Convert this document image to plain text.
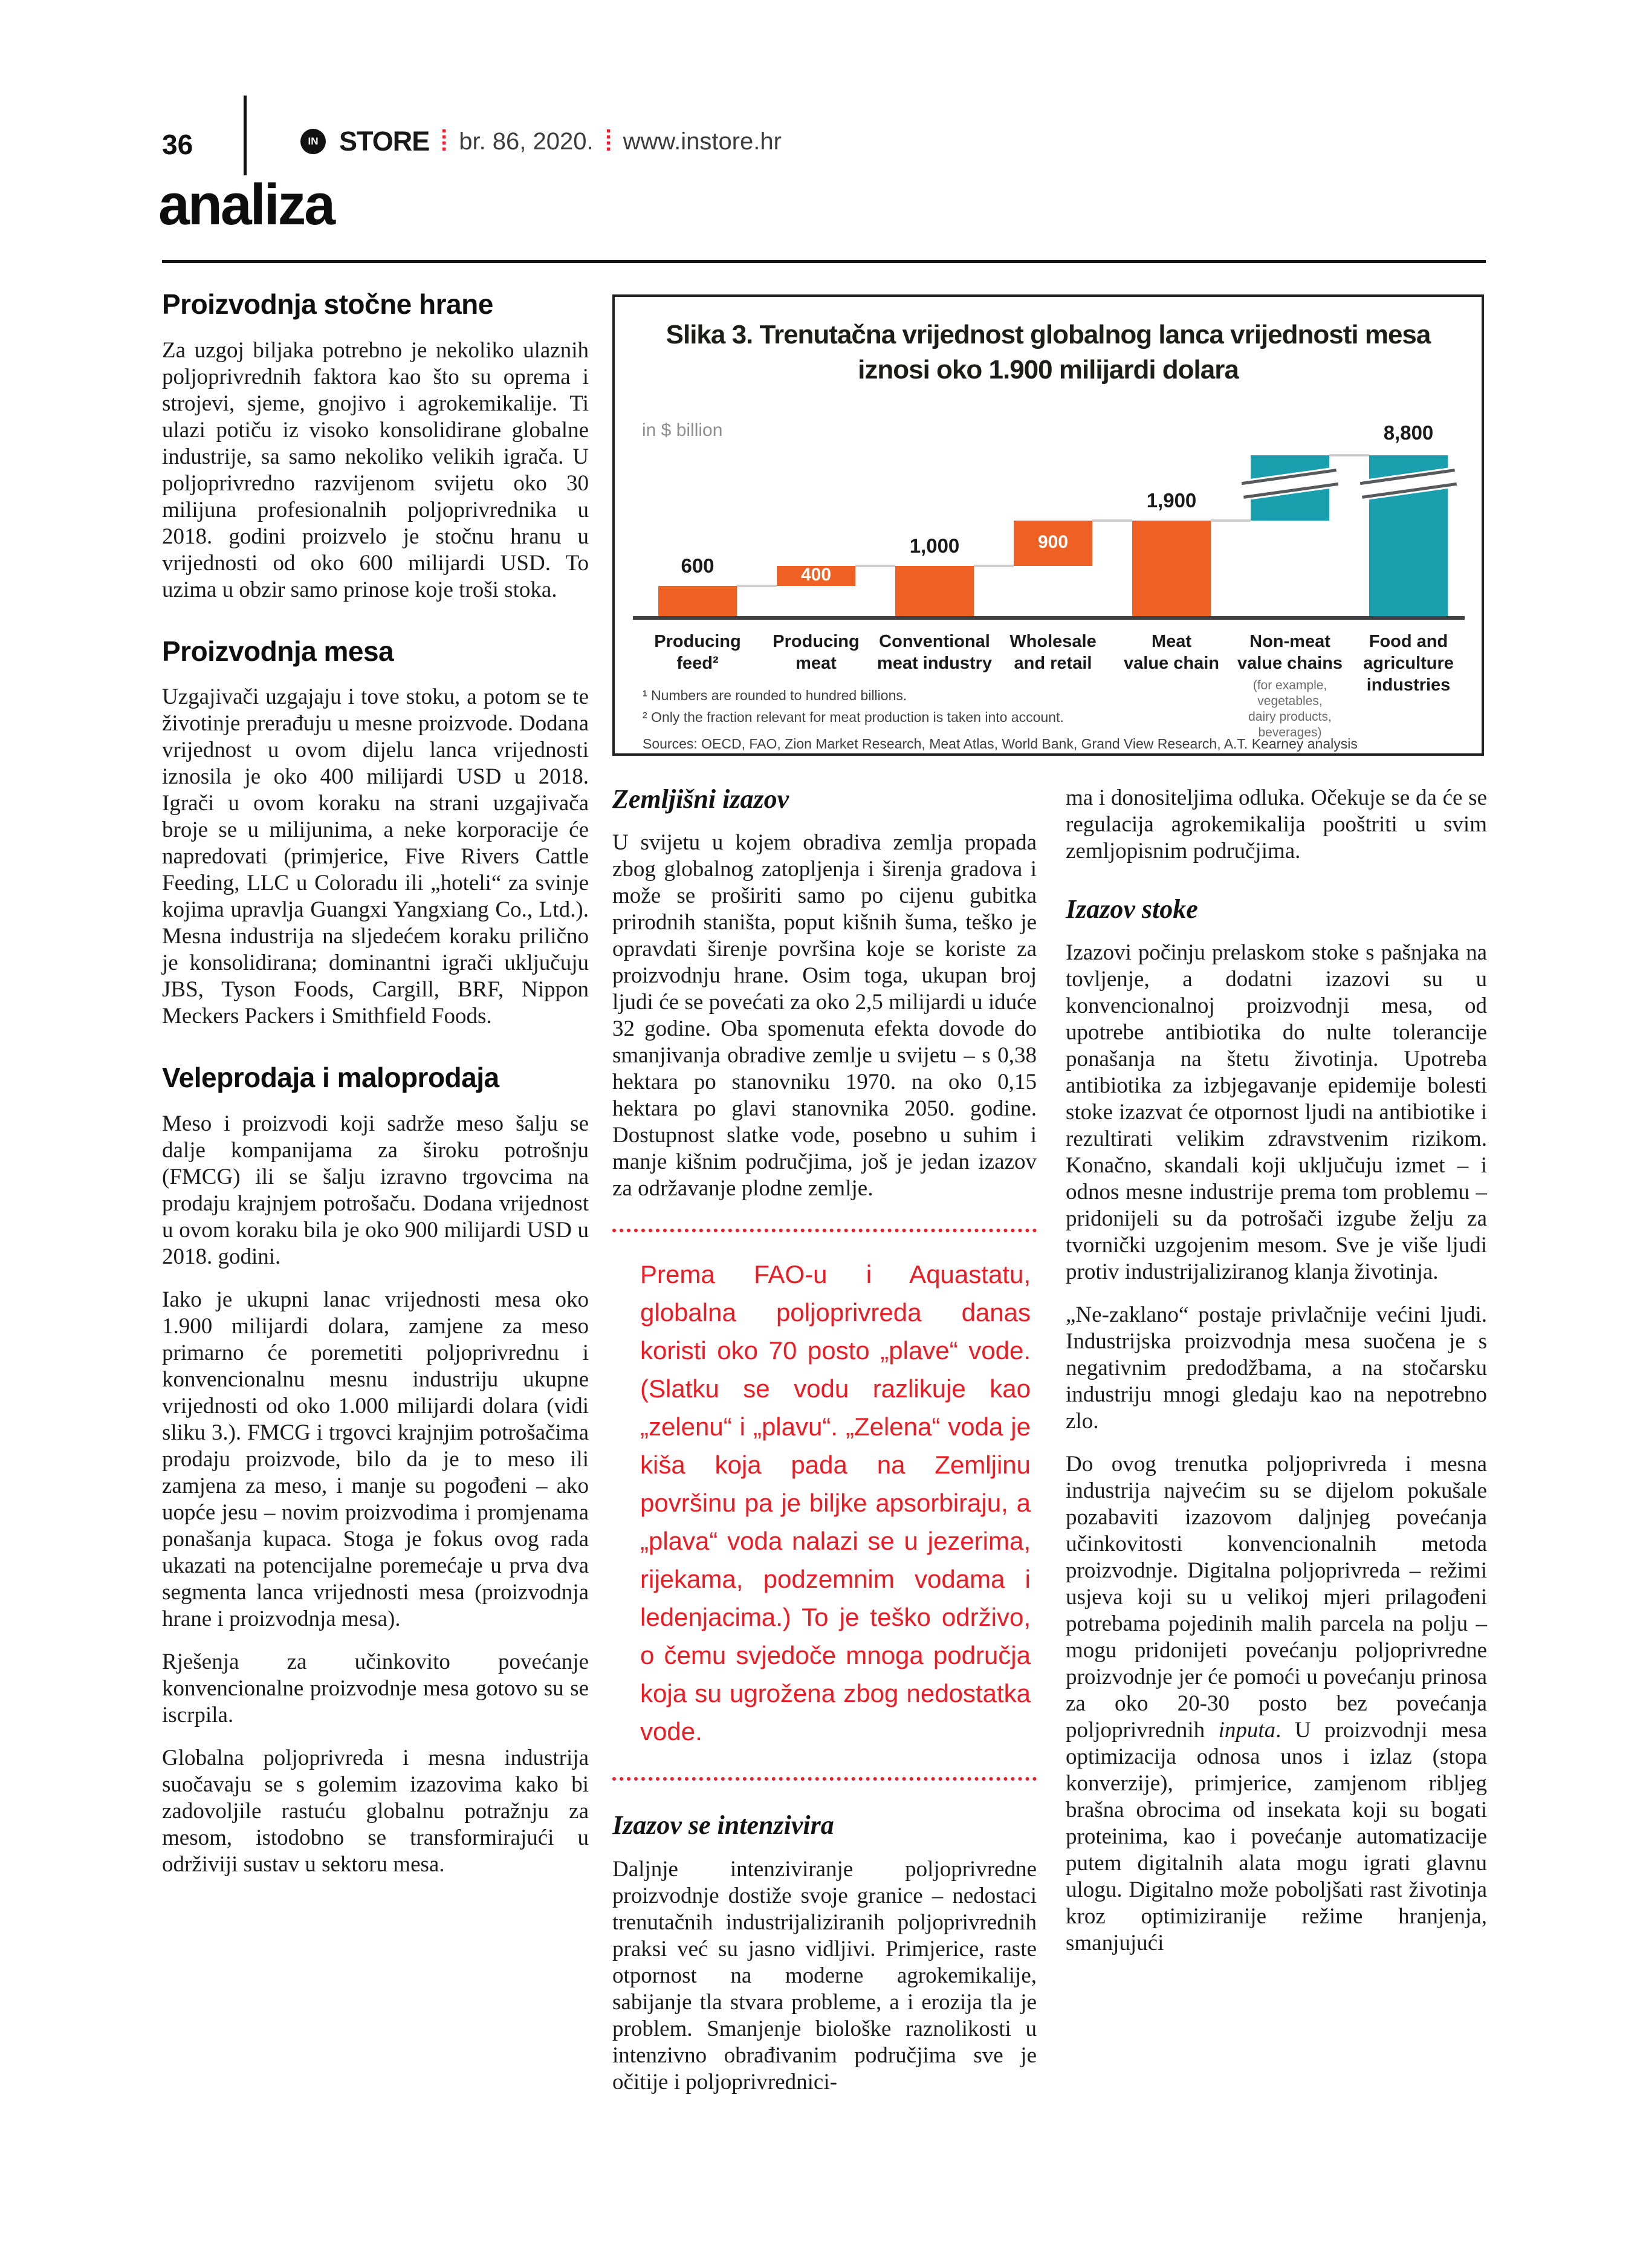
36	IN STORE br. 86, 2020. www.instore.hr
analiza
Proizvodnja stočne hrane

Za uzgoj biljaka potrebno je nekoliko ulaznih poljoprivrednih faktora kao što su oprema i strojevi, sjeme, gnojivo i agrokemikalije. Ti ulazi potiču iz visoko konsolidirane globalne industrije, sa samo nekoliko velikih igrača. U poljoprivredno razvijenom svijetu oko 30 milijuna profesionalnih poljoprivrednika u 2018. godini proizvelo je stočnu hranu u vrijednosti od oko 600 milijardi USD. To uzima u obzir samo prinose koje troši stoka.

Proizvodnja mesa

Uzgajivači uzgajaju i tove stoku, a potom se te životinje prerađuju u mesne proizvode. Dodana vrijednost u ovom dijelu lanca vrijednosti iznosila je oko 400 milijardi USD u 2018. Igrači u ovom koraku na strani uzgajivača broje se u milijunima, a neke korporacije će napredovati (primjerice, Five Rivers Cattle Feeding, LLC u Coloradu ili „hoteli“ za svinje kojima upravlja Guangxi Yangxiang Co., Ltd.). Mesna industrija na sljedećem koraku prilično je konsolidirana; dominantni igrači uključuju JBS, Tyson Foods, Cargill, BRF, Nippon Meckers Packers i Smithfield Foods.

Veleprodaja i maloprodaja

Meso i proizvodi koji sadrže meso šalju se dalje kompanijama za široku potrošnju (FMCG) ili se šalju izravno trgovcima na prodaju krajnjem potrošaču. Dodana vrijednost u ovom koraku bila je oko 900 milijardi USD u 2018. godini.

Iako je ukupni lanac vrijednosti mesa oko 1.900 milijardi dolara, zamjene za meso primarno će poremetiti poljoprivrednu i konvencionalnu mesnu industriju ukupne vrijednosti od oko 1.000 milijardi dolara (vidi sliku 3.). FMCG i trgovci krajnjim potrošačima prodaju proizvode, bilo da je to meso ili zamjena za meso, i manje su pogođeni – ako uopće jesu – novim proizvodima i promjenama ponašanja kupaca. Stoga je fokus ovog rada ukazati na potencijalne poremećaje u prva dva segmenta lanca vrijednosti mesa (proizvodnja hrane i proizvodnja mesa).

Rješenja za učinkovito povećanje konvencionalne proizvodnje mesa gotovo su se iscrpila.

Globalna poljoprivreda i mesna industrija suočavaju se s golemim izazovima kako bi zadovoljile rastuću globalnu potražnju za mesom, istodobno se transformirajući u održiviji sustav u sektoru mesa.

Slika 3. Trenutačna vrijednost globalnog lanca vrijednosti mesa iznosi oko 1.900 milijardi dolara
in $ billion
600
Producing
feed²
400
Producing
meat
1,000
Conventional
meat industry
900
Wholesale
and retail
1,900
Meat
value chain
Non-meat
value chains
(for example, vegetables,
dairy products, beverages)
8,800
Food and
agriculture
industries
¹ Numbers are rounded to hundred billions.
² Only the fraction relevant for meat production is taken into account.
Sources: OECD, FAO, Zion Market Research, Meat Atlas, World Bank, Grand View Research, A.T. Kearney analysis
Zemljišni izazov

U svijetu u kojem obradiva zemlja propada zbog globalnog zatopljenja i širenja gradova i može se proširiti samo po cijenu gubitka prirodnih staništa, poput kišnih šuma, teško je opravdati širenje površina koje se koriste za proizvodnju hrane. Osim toga, ukupan broj ljudi će se povećati za oko 2,5 milijardi u iduće 32 godine. Oba spomenuta efekta dovode do smanjivanja obradive zemlje u svijetu – s 0,38 hektara po stanovniku 1970. na oko 0,15 hektara po glavi stanovnika 2050. godine. Dostupnost slatke vode, posebno u suhim i manje kišnim područjima, još je jedan izazov za održavanje plodne zemlje.

Prema FAO-u i Aquastatu, globalna poljoprivreda danas koristi oko 70 posto „plave“ vode. (Slatku se vodu razlikuje kao „zelenu“ i „plavu“. „Zelena“ voda je kiša koja pada na Zemljinu površinu pa je biljke apsorbiraju, a „plava“ voda nalazi se u jezerima, rijekama, podzemnim vodama i ledenjacima.) To je teško održivo, o čemu svjedoče mnoga područja koja su ugrožena zbog nedostatka vode.
Izazov se intenzivira

Daljnje intenziviranje poljoprivredne proizvodnje dostiže svoje granice – nedostaci trenutačnih industrijaliziranih poljoprivrednih praksi već su jasno vidljivi. Primjerice, raste otpornost na moderne agrokemikalije, sabijanje tla stvara probleme, a i erozija tla je problem. Smanjenje biološke raznolikosti u intenzivno obrađivanim područjima sve je očitije i poljoprivrednici-

ma i donositeljima odluka. Očekuje se da će se regulacija agrokemikalija pooštriti u svim zemljopisnim područjima.

Izazov stoke

Izazovi počinju prelaskom stoke s pašnjaka na tovljenje, a dodatni izazovi su u konvencionalnoj proizvodnji mesa, od upotrebe antibiotika do nulte tolerancije ponašanja na štetu životinja. Upotreba antibiotika za izbjegavanje epidemije bolesti stoke izazvat će otpornost ljudi na antibiotike i rezultirati velikim zdravstvenim rizikom. Konačno, skandali koji uključuju izmet – i odnos mesne industrije prema tom problemu – pridonijeli su da potrošači izgube želju za tvornički uzgojenim mesom. Sve je više ljudi protiv industrijaliziranog klanja životinja.

„Ne-zaklano“ postaje privlačnije većini ljudi. Industrijska proizvodnja mesa suočena je s negativnim predodžbama, a na stočarsku industriju mnogi gledaju kao na nepotrebno zlo.

Do ovog trenutka poljoprivreda i mesna industrija najvećim su se dijelom pokušale pozabaviti izazovom daljnjeg povećanja učinkovitosti konvencionalnih metoda proizvodnje. Digitalna poljoprivreda – režimi usjeva koji su u velikoj mjeri prilagođeni potrebama pojedinih malih parcela na polju – mogu pridonijeti povećanju poljoprivredne proizvodnje jer će pomoći u povećanju prinosa za oko 20-30 posto bez povećanja poljoprivrednih inputa. U proizvodnji mesa optimizacija odnosa unos i izlaz (stopa konverzije), primjerice, zamjenom ribljeg brašna obrocima od insekata koji su bogati proteinima, kao i povećanje automatizacije putem digitalnih alata mogu igrati glavnu ulogu. Digitalno može poboljšati rast životinja kroz optimiziranije režime hranjenja, smanjujući
